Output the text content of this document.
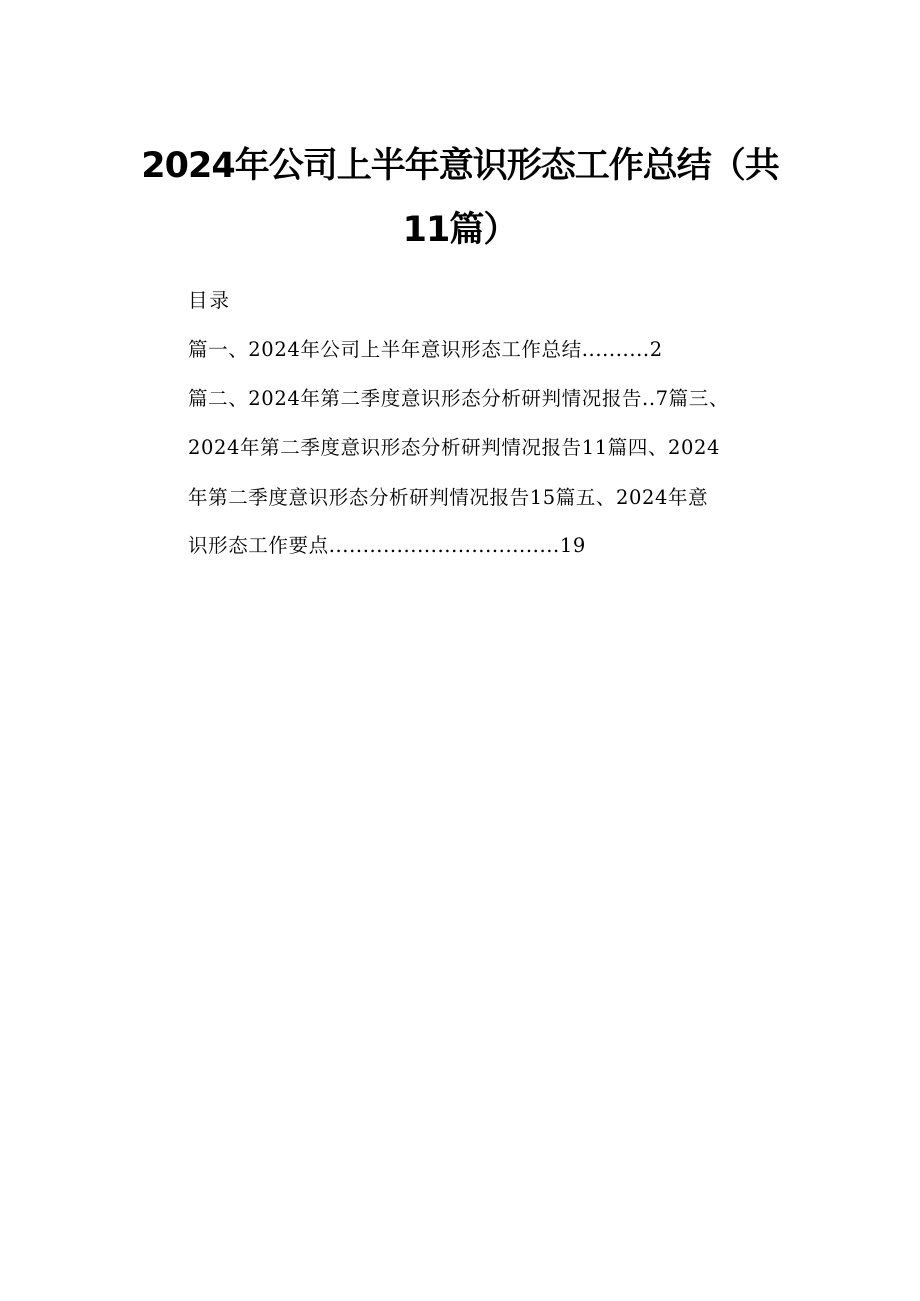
2024年公司上半年意识形态工作总结（共
11篇）
目录
篇一、2024年公司上半年意识形态工作总结..........2
篇二、2024年第二季度意识形态分析研判情况报告..7篇三、
2024年第二季度意识形态分析研判情况报告11篇四、2024
年第二季度意识形态分析研判情况报告15篇五、2024年意
识形态工作要点..................................19
